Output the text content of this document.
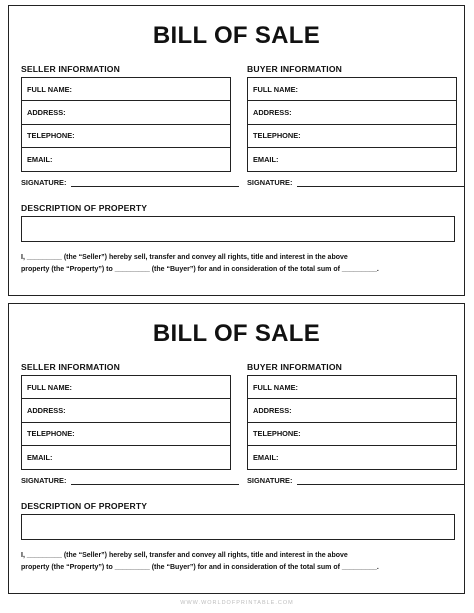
BILL OF SALE
SELLER INFORMATION	BUYER INFORMATION
FULL NAME:
ADDRESS:
TELEPHONE:
EMAIL:
FULL NAME:
ADDRESS:
TELEPHONE:
EMAIL:
SIGNATURE:	SIGNATURE:
DESCRIPTION OF PROPERTY
I, _________ (the “Seller”) hereby sell, transfer and convey all rights, title and interest in the above
property (the “Property”) to _________ (the “Buyer”) for and in consideration of the total sum of _________.
BILL OF SALE
SELLER INFORMATION	BUYER INFORMATION
FULL NAME:
ADDRESS:
TELEPHONE:
EMAIL:
FULL NAME:
ADDRESS:
TELEPHONE:
EMAIL:
SIGNATURE:	SIGNATURE:
DESCRIPTION OF PROPERTY
I, _________ (the “Seller”) hereby sell, transfer and convey all rights, title and interest in the above
property (the “Property”) to _________ (the “Buyer”) for and in consideration of the total sum of _________.
WWW.WORLDOFPRINTABLE.COM
